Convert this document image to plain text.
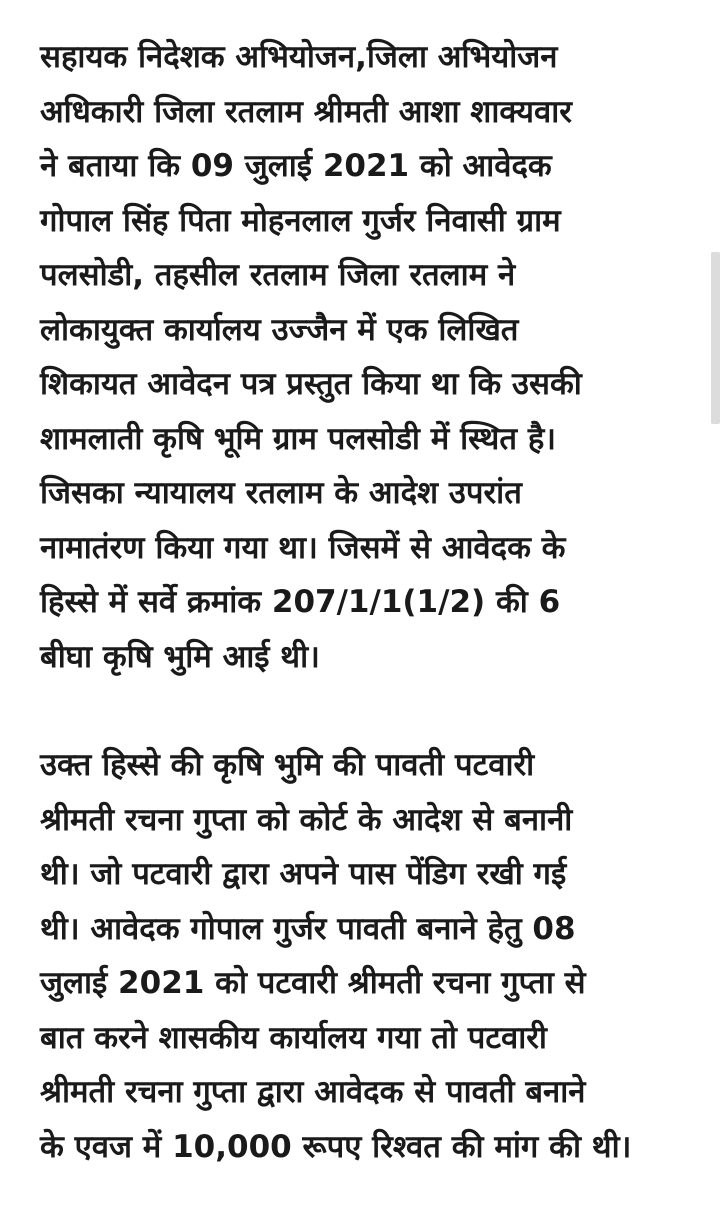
सहायक निदेशक अभियोजन,जिला अभियोजन
अधिकारी जिला रतलाम श्रीमती आशा शाक्यवार
ने बताया कि 09 जुलाई 2021 को आवेदक
गोपाल सिंह पिता मोहनलाल गुर्जर निवासी ग्राम
पलसोडी, तहसील रतलाम जिला रतलाम ने
लोकायुक्त कार्यालय उज्जैन में एक लिखित
शिकायत आवेदन पत्र प्रस्तुत किया था कि उसकी
शामलाती कृषि भूमि ग्राम पलसोडी में स्थित है।
जिसका न्यायालय रतलाम के आदेश उपरांत
नामातंरण किया गया था। जिसमें से आवेदक के
हिस्से में सर्वे क्रमांक 207/1/1(1/2) की 6
बीघा कृषि भुमि आई थी।

उक्त हिस्से की कृषि भुमि की पावती पटवारी
श्रीमती रचना गुप्ता को कोर्ट के आदेश से बनानी
थी। जो पटवारी द्वारा अपने पास पेंडिग रखी गई
थी। आवेदक गोपाल गुर्जर पावती बनाने हेतु 08
जुलाई 2021 को पटवारी श्रीमती रचना गुप्ता से
बात करने शासकीय कार्यालय गया तो पटवारी
श्रीमती रचना गुप्ता द्वारा आवेदक से पावती बनाने
के एवज में 10,000 रूपए रिश्वत की मांग की थी।
